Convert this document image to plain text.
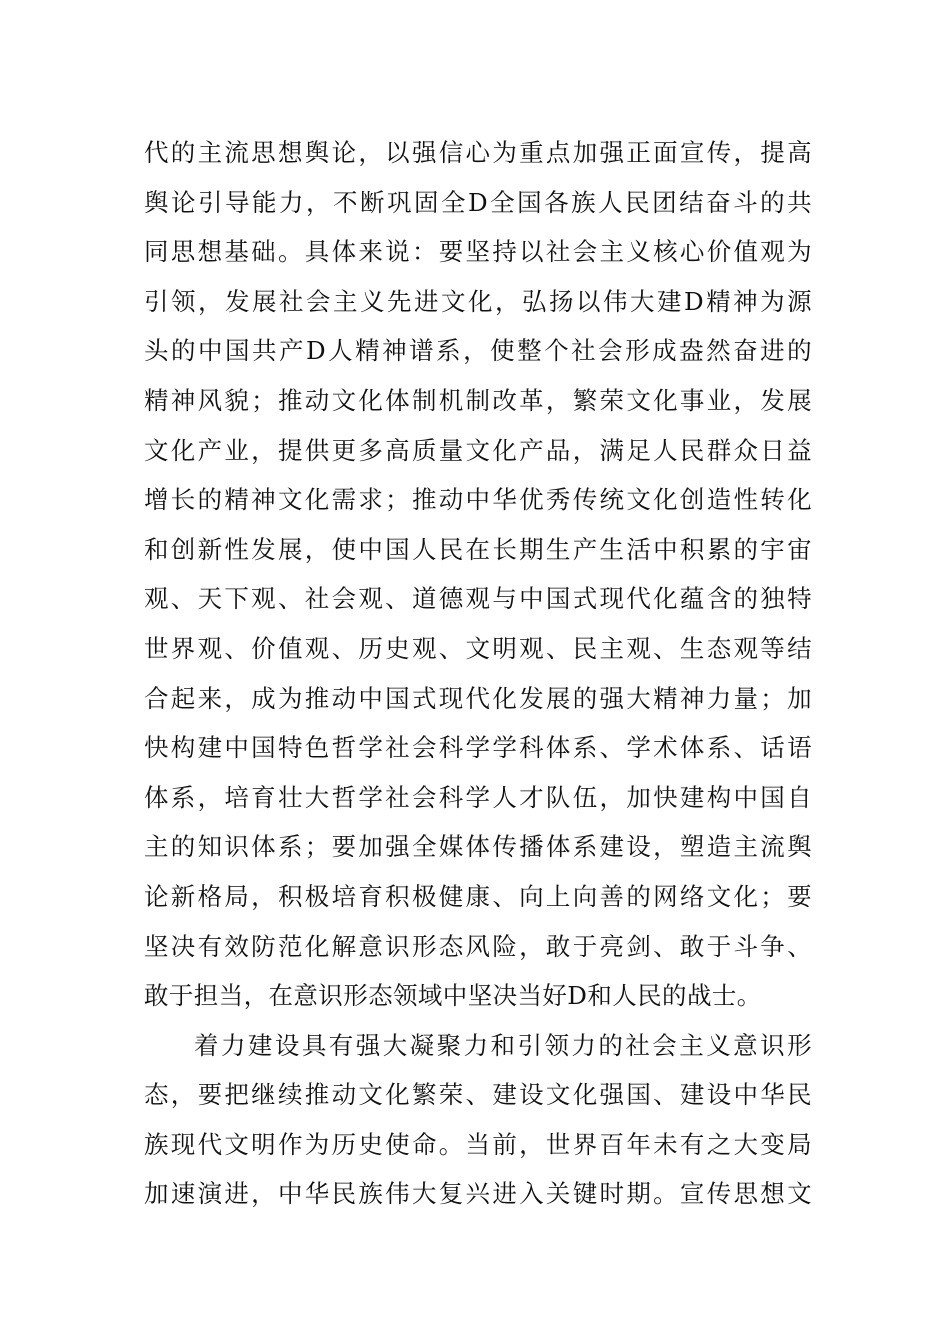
代的主流思想舆论，以强信心为重点加强正面宣传，提高
舆论引导能力，不断巩固全D全国各族人民团结奋斗的共
同思想基础。具体来说：要坚持以社会主义核心价值观为
引领，发展社会主义先进文化，弘扬以伟大建D精神为源
头的中国共产D人精神谱系，使整个社会形成盎然奋进的
精神风貌；推动文化体制机制改革，繁荣文化事业，发展
文化产业，提供更多高质量文化产品，满足人民群众日益
增长的精神文化需求；推动中华优秀传统文化创造性转化
和创新性发展，使中国人民在长期生产生活中积累的宇宙
观、天下观、社会观、道德观与中国式现代化蕴含的独特
世界观、价值观、历史观、文明观、民主观、生态观等结
合起来，成为推动中国式现代化发展的强大精神力量；加
快构建中国特色哲学社会科学学科体系、学术体系、话语
体系，培育壮大哲学社会科学人才队伍，加快建构中国自
主的知识体系；要加强全媒体传播体系建设，塑造主流舆
论新格局，积极培育积极健康、向上向善的网络文化；要
坚决有效防范化解意识形态风险，敢于亮剑、敢于斗争、
敢于担当，在意识形态领域中坚决当好D和人民的战士。
着力建设具有强大凝聚力和引领力的社会主义意识形
态，要把继续推动文化繁荣、建设文化强国、建设中华民
族现代文明作为历史使命。当前，世界百年未有之大变局
加速演进，中华民族伟大复兴进入关键时期。宣传思想文
